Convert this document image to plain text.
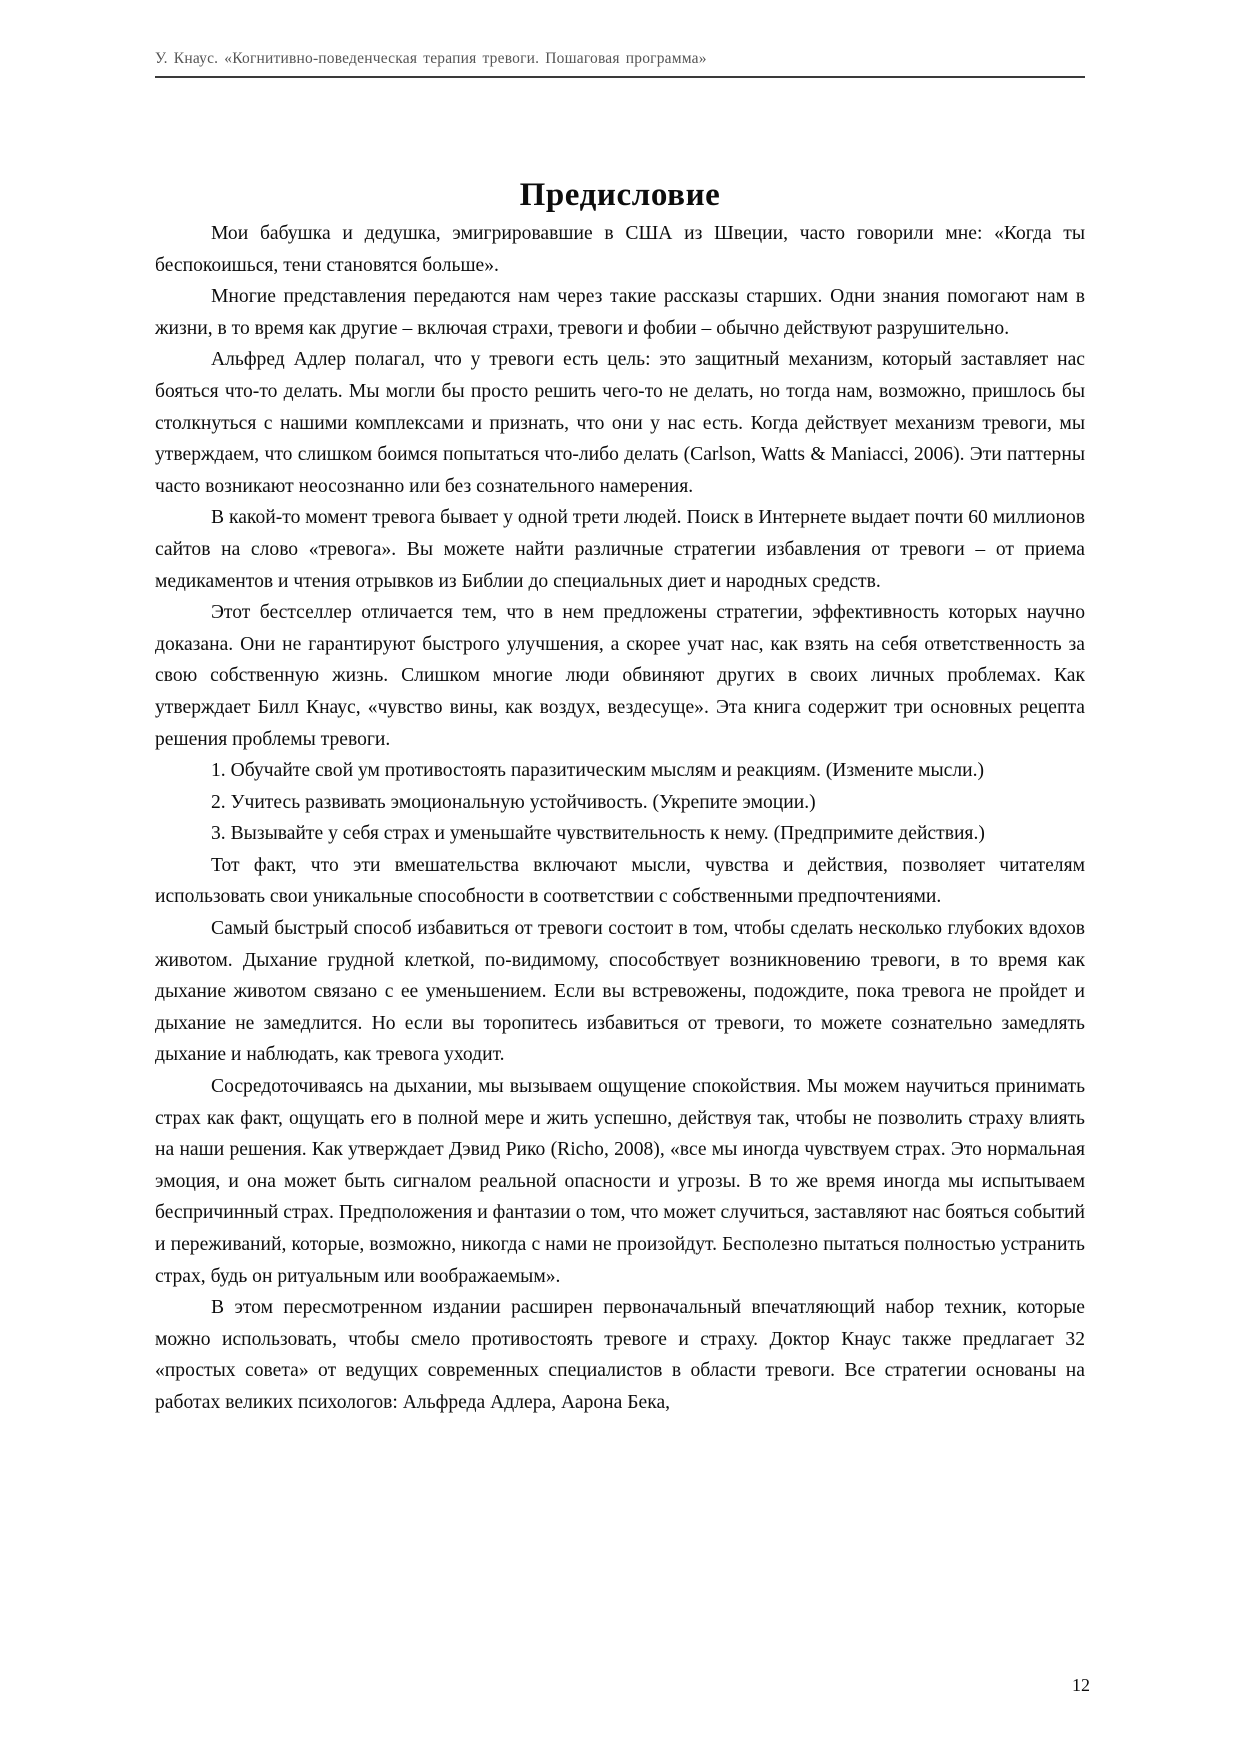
У. Кнаус. «Когнитивно-поведенческая терапия тревоги. Пошаговая программа»
Предисловие

Мои бабушка и дедушка, эмигрировавшие в США из Швеции, часто говорили мне: «Когда ты беспокоишься, тени становятся больше».

Многие представления передаются нам через такие рассказы старших. Одни знания помогают нам в жизни, в то время как другие – включая страхи, тревоги и фобии – обычно действуют разрушительно.

Альфред Адлер полагал, что у тревоги есть цель: это защитный механизм, который заставляет нас бояться что-то делать. Мы могли бы просто решить чего-то не делать, но тогда нам, возможно, пришлось бы столкнуться с нашими комплексами и признать, что они у нас есть. Когда действует механизм тревоги, мы утверждаем, что слишком боимся попытаться что-либо делать (Carlson, Watts & Maniacci, 2006). Эти паттерны часто возникают неосознанно или без сознательного намерения.

В какой-то момент тревога бывает у одной трети людей. Поиск в Интернете выдает почти 60 миллионов сайтов на слово «тревога». Вы можете найти различные стратегии избавления от тревоги – от приема медикаментов и чтения отрывков из Библии до специальных диет и народных средств.

Этот бестселлер отличается тем, что в нем предложены стратегии, эффективность которых научно доказана. Они не гарантируют быстрого улучшения, а скорее учат нас, как взять на себя ответственность за свою собственную жизнь. Слишком многие люди обвиняют других в своих личных проблемах. Как утверждает Билл Кнаус, «чувство вины, как воздух, вездесуще». Эта книга содержит три основных рецепта решения проблемы тревоги.

1. Обучайте свой ум противостоять паразитическим мыслям и реакциям. (Измените мысли.)

2. Учитесь развивать эмоциональную устойчивость. (Укрепите эмоции.)

3. Вызывайте у себя страх и уменьшайте чувствительность к нему. (Предпримите действия.)

Тот факт, что эти вмешательства включают мысли, чувства и действия, позволяет читателям использовать свои уникальные способности в соответствии с собственными предпочтениями.

Самый быстрый способ избавиться от тревоги состоит в том, чтобы сделать несколько глубоких вдохов животом. Дыхание грудной клеткой, по-видимому, способствует возникновению тревоги, в то время как дыхание животом связано с ее уменьшением. Если вы встревожены, подождите, пока тревога не пройдет и дыхание не замедлится. Но если вы торопитесь избавиться от тревоги, то можете сознательно замедлять дыхание и наблюдать, как тревога уходит.

Сосредоточиваясь на дыхании, мы вызываем ощущение спокойствия. Мы можем научиться принимать страх как факт, ощущать его в полной мере и жить успешно, действуя так, чтобы не позволить страху влиять на наши решения. Как утверждает Дэвид Рико (Richo, 2008), «все мы иногда чувствуем страх. Это нормальная эмоция, и она может быть сигналом реальной опасности и угрозы. В то же время иногда мы испытываем беспричинный страх. Предположения и фантазии о том, что может случиться, заставляют нас бояться событий и переживаний, которые, возможно, никогда с нами не произойдут. Бесполезно пытаться полностью устранить страх, будь он ритуальным или воображаемым».

В этом пересмотренном издании расширен первоначальный впечатляющий набор техник, которые можно использовать, чтобы смело противостоять тревоге и страху. Доктор Кнаус также предлагает 32 «простых совета» от ведущих современных специалистов в области тревоги. Все стратегии основаны на работах великих психологов: Альфреда Адлера, Аарона Бека,

12
